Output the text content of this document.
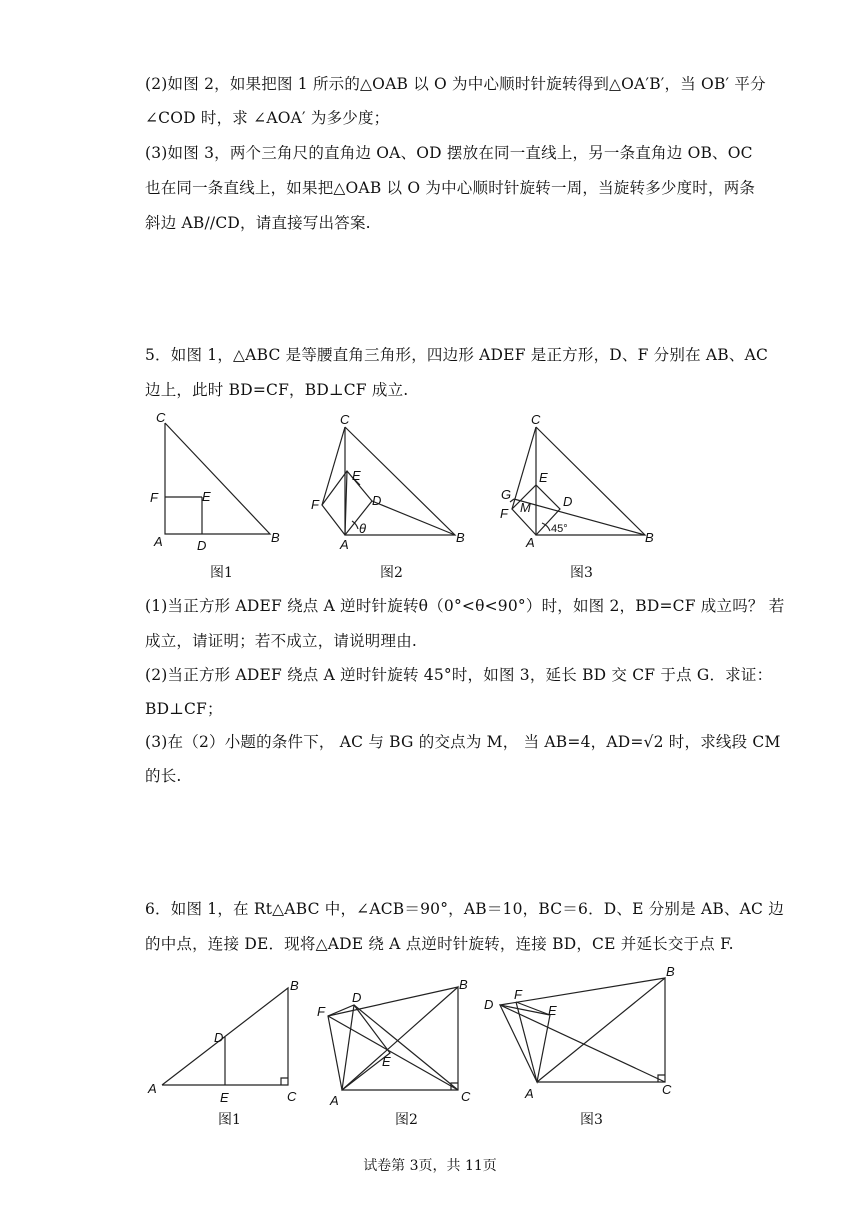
(2)如图 2，如果把图 1 所示的△OAB 以 O 为中心顺时针旋转得到△OA′B′，当 OB′ 平分
∠COD 时，求 ∠AOA′ 为多少度；
(3)如图 3，两个三角尺的直角边 OA、OD 摆放在同一直线上，另一条直角边 OB、OC
也在同一条直线上，如果把△OAB 以 O 为中心顺时针旋转一周，当旋转多少度时，两条
斜边 AB//CD，请直接写出答案.
5．如图 1，△ABC 是等腰直角三角形，四边形 ADEF 是正方形，D、F 分别在 AB、AC
边上，此时 BD=CF，BD⊥CF 成立.
C
F	E
A	D
B
图1
C
E
F	D
θ
A	B
图2
C
E
G
F M D
45°
A	B
图3
(1)当正方形 ADEF 绕点 A 逆时针旋转θ（0°<θ<90°）时，如图 2，BD=CF 成立吗？ 若
成立，请证明；若不成立，请说明理由.
(2)当正方形 ADEF 绕点 A 逆时针旋转 45°时，如图 3，延长 BD 交 CF 于点 G．求证：
BD⊥CF；
(3)在（2）小题的条件下， AC 与 BG 的交点为 M， 当 AB=4，AD=√2 时，求线段 CM
的长.
6．如图 1，在 Rt△ABC 中，∠ACB＝90°，AB＝10，BC＝6．D、E 分别是 AB、AC 边
的中点，连接 DE．现将△ADE 绕 A 点逆时针旋转，连接 BD，CE 并延长交于点 F.
B
D
A
E	C
图1
B
D
F
E
A	C
图2
B
D
F
E
A	C
图3
试卷第 3页，共 11页
